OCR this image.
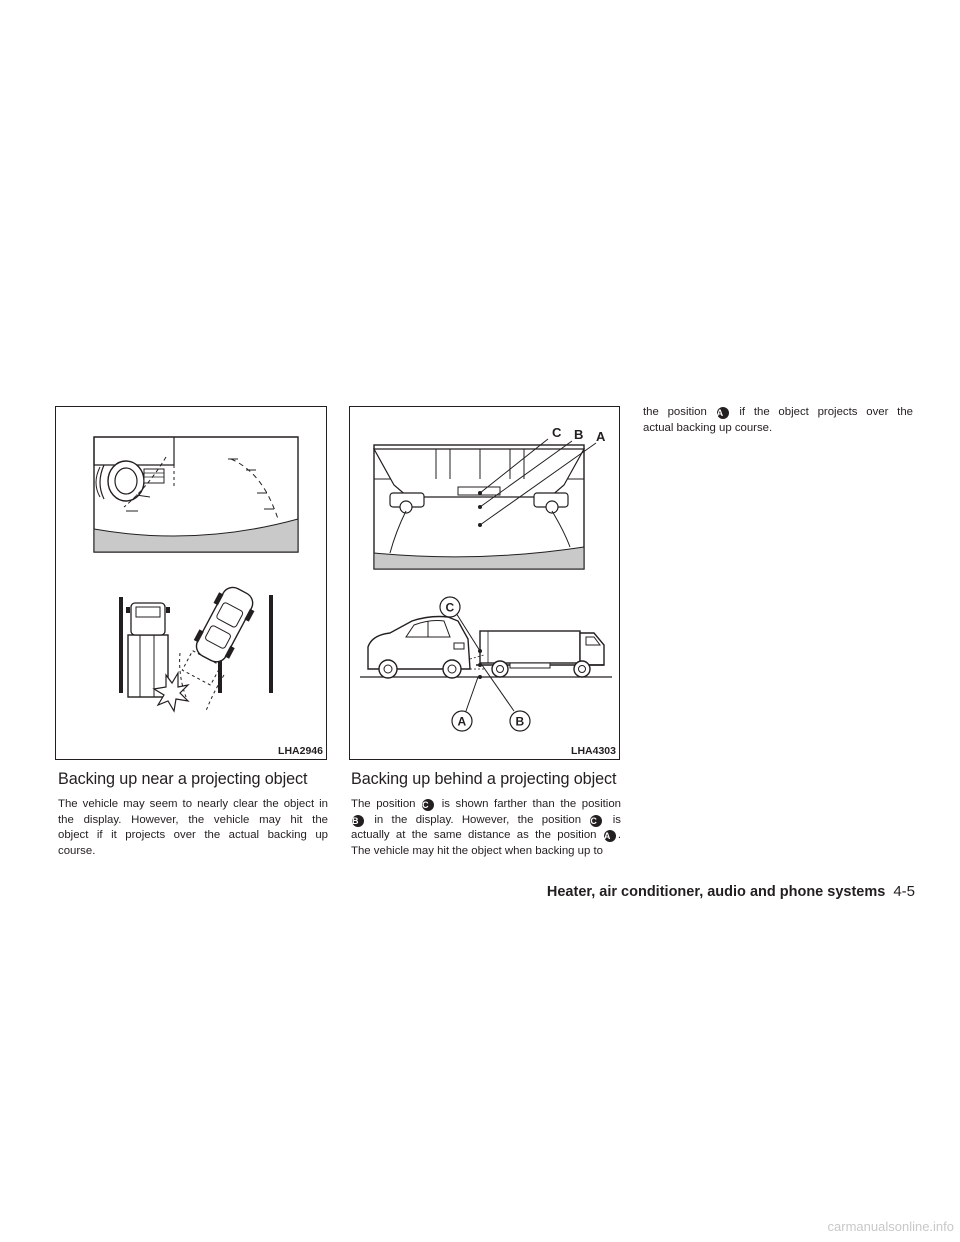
LHA2946
Backing up near a projecting object
The vehicle may seem to nearly clear the object in
the display. However, the vehicle may hit the
object if it projects over the actual backing up
course.
C B A
C
A	B
LHA4303
Backing up behind a projecting object
The position C is shown farther than the position
B in the display. However, the position C is
actually at the same distance as the position A .
The vehicle may hit the object when backing up to
the position A if the object projects over the
actual backing up course.
Heater, air conditioner, audio and phone systems 4-5
carmanualsonline.info
